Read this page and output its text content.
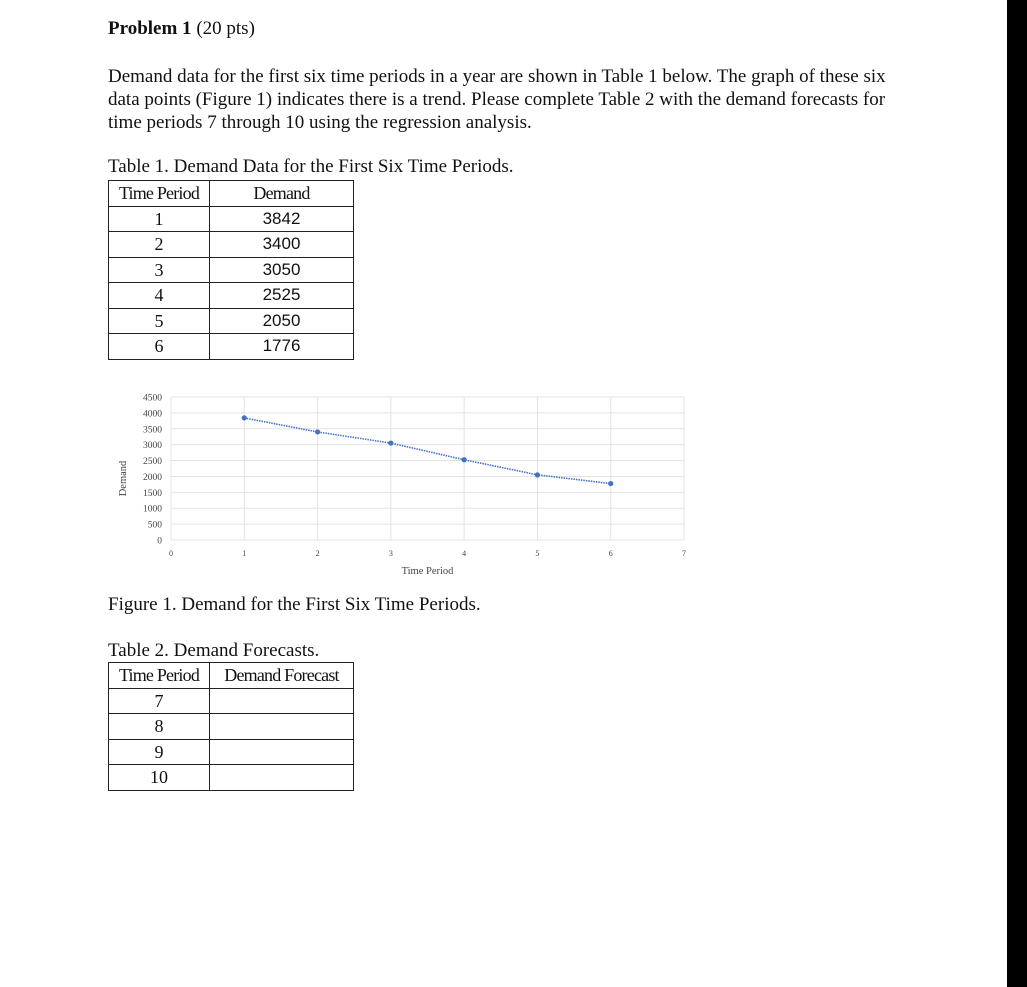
Problem 1 (20 pts)
Demand data for the first six time periods in a year are shown in Table 1 below. The graph of these six data points (Figure 1) indicates there is a trend. Please complete Table 2 with the demand forecasts for time periods 7 through 10 using the regression analysis.
Table 1. Demand Data for the First Six Time Periods.
Time Period	Demand
1	3842
2	3400
3	3050
4	2525
5	2050
6	1776
0
500
1000
1500
2000
2500
3000
3500
4000
4500
0	1	2	3	4	5	6	7
Time Period
Demand
Figure 1. Demand for the First Six Time Periods.
Table 2. Demand Forecasts.
Time Period	Demand Forecast
7	
8	
9	
10	
